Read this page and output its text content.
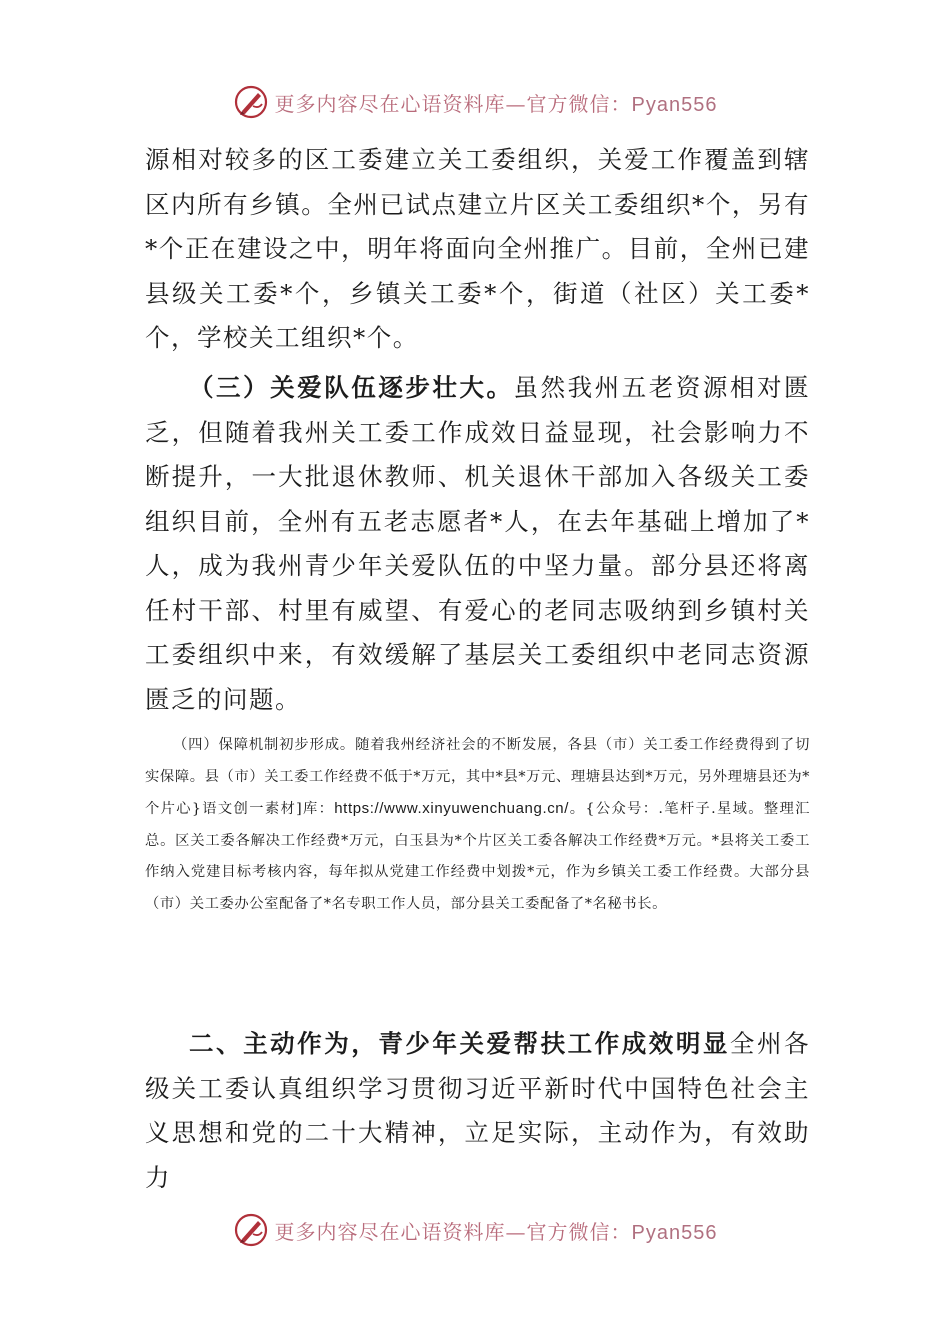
更多内容尽在心语资料库—官方微信：Pyan556

源相对较多的区工委建立关工委组织，关爱工作覆盖到辖区内所有乡镇。全州已试点建立片区关工委组织*个，另有*个正在建设之中，明年将面向全州推广。目前，全州已建县级关工委*个，乡镇关工委*个，街道（社区）关工委*个，学校关工组织*个。

（三）关爱队伍逐步壮大。虽然我州五老资源相对匮乏，但随着我州关工委工作成效日益显现，社会影响力不断提升，一大批退休教师、机关退休干部加入各级关工委组织目前，全州有五老志愿者*人，在去年基础上增加了*人，成为我州青少年关爱队伍的中坚力量。部分县还将离任村干部、村里有威望、有爱心的老同志吸纳到乡镇村关工委组织中来，有效缓解了基层关工委组织中老同志资源匮乏的问题。

（四）保障机制初步形成。随着我州经济社会的不断发展，各县（市）关工委工作经费得到了切实保障。县（市）关工委工作经费不低于*万元，其中*县*万元、理塘县达到*万元，另外理塘县还为*个片心}语文创一素材]库：https://www.xinyuwenchuang.cn/。{公众号：.笔杆子.星域。整理汇总。区关工委各解决工作经费*万元，白玉县为*个片区关工委各解决工作经费*万元。*县将关工委工作纳入党建目标考核内容，每年拟从党建工作经费中划拨*元，作为乡镇关工委工作经费。大部分县（市）关工委办公室配备了*名专职工作人员，部分县关工委配备了*名秘书长。

二、主动作为，青少年关爱帮扶工作成效明显全州各级关工委认真组织学习贯彻习近平新时代中国特色社会主义思想和党的二十大精神，立足实际，主动作为，有效助力

更多内容尽在心语资料库—官方微信：Pyan556
